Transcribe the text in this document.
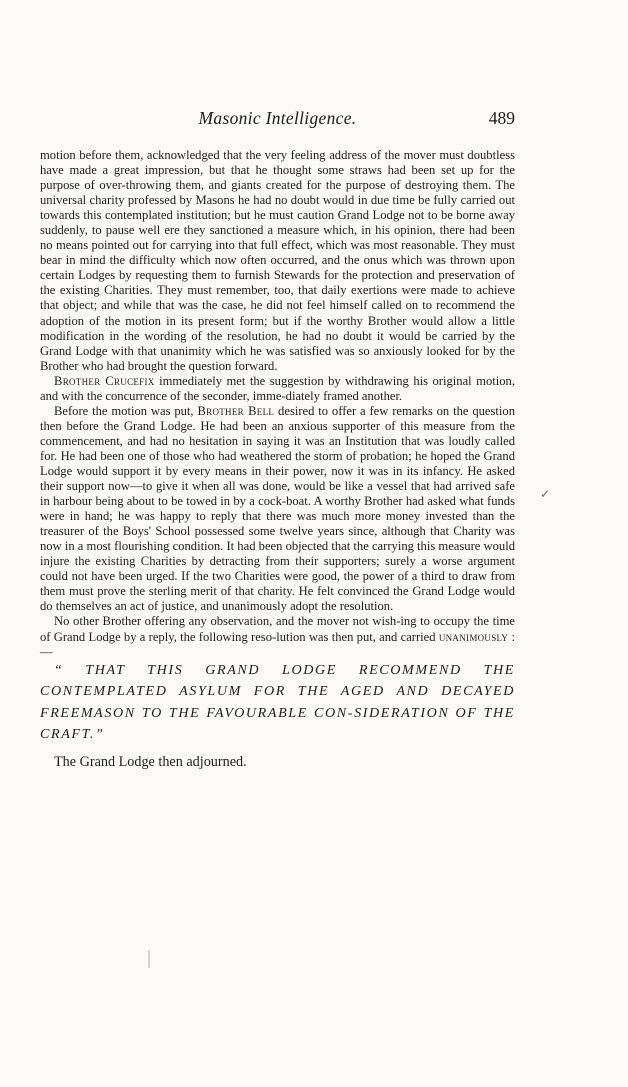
Masonic Intelligence.	489

motion before them, acknowledged that the very feeling address of the mover must doubtless have made a great impression, but that he thought some straws had been set up for the purpose of over-throwing them, and giants created for the purpose of destroying them. The universal charity professed by Masons he had no doubt would in due time be fully carried out towards this contemplated institution; but he must caution Grand Lodge not to be borne away suddenly, to pause well ere they sanctioned a measure which, in his opinion, there had been no means pointed out for carrying into that full effect, which was most reasonable. They must bear in mind the difficulty which now often occurred, and the onus which was thrown upon certain Lodges by requesting them to furnish Stewards for the protection and preservation of the existing Charities. They must remember, too, that daily exertions were made to achieve that object; and while that was the case, he did not feel himself called on to recommend the adoption of the motion in its present form; but if the worthy Brother would allow a little modification in the wording of the resolution, he had no doubt it would be carried by the Grand Lodge with that unanimity which he was satisfied was so anxiously looked for by the Brother who had brought the question forward.

Brother Crucefix immediately met the suggestion by withdrawing his original motion, and with the concurrence of the seconder, imme-diately framed another.

Before the motion was put, Brother Bell desired to offer a few remarks on the question then before the Grand Lodge. He had been an anxious supporter of this measure from the commencement, and had no hesitation in saying it was an Institution that was loudly called for. He had been one of those who had weathered the storm of probation; he hoped the Grand Lodge would support it by every means in their power, now it was in its infancy. He asked their support now—to give it when all was done, would be like a vessel that had arrived safe in harbour being about to be towed in by a cock-boat. A worthy Brother had asked what funds were in hand; he was happy to reply that there was much more money invested than the treasurer of the Boys' School possessed some twelve years since, although that Charity was now in a most flourishing condition. It had been objected that the carrying this measure would injure the existing Charities by detracting from their supporters; surely a worse argument could not have been urged. If the two Charities were good, the power of a third to draw from them must prove the sterling merit of that charity. He felt convinced the Grand Lodge would do themselves an act of justice, and unanimously adopt the resolution.

No other Brother offering any observation, and the mover not wish-ing to occupy the time of Grand Lodge by a reply, the following reso-lution was then put, and carried unanimously :—

“ THAT THIS GRAND LODGE RECOMMEND THE CONTEMPLATED ASYLUM FOR THE AGED AND DECAYED FREEMASON TO THE FAVOURABLE CON-SIDERATION OF THE CRAFT.”

The Grand Lodge then adjourned.

✓
